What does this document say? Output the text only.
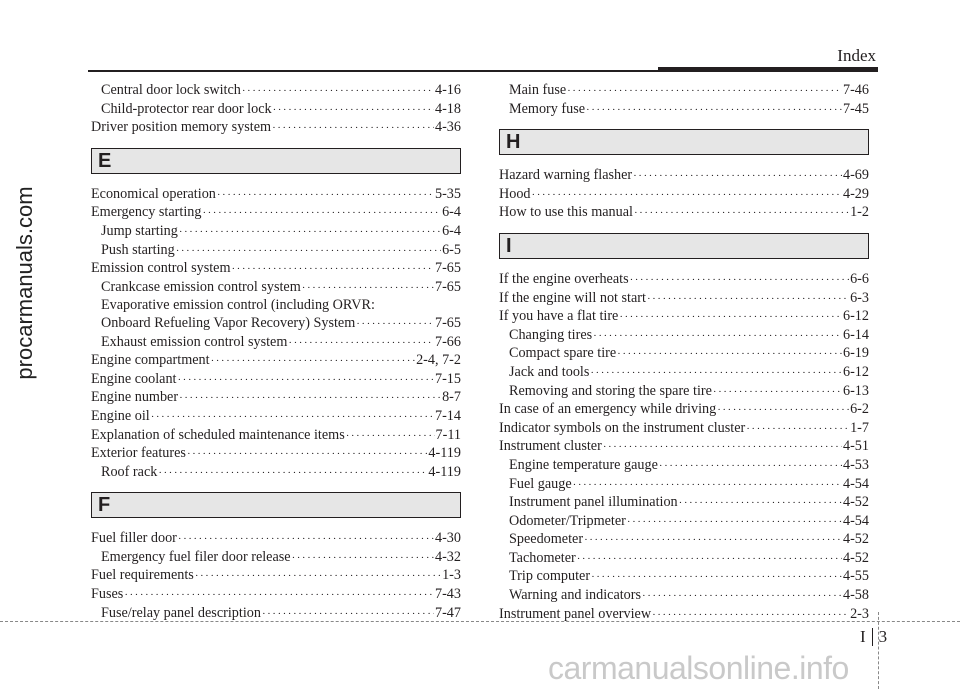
Index
procarmanuals.com
Central door lock switch ·····	4-16
Child-protector rear door lock ·····	4-18
Driver position memory system ·····	4-36
E
Economical operation ·····	5-35
Emergency starting ·····	6-4
Jump starting ·····	6-4
Push starting ·····	6-5
Emission control system ·····	7-65
Crankcase emission control system ·····	7-65
Evaporative emission control (including ORVR:
Onboard Refueling Vapor Recovery) System ·····	7-65
Exhaust emission control system ·····	7-66
Engine compartment ·····	2-4, 7-2
Engine coolant ·····	7-15
Engine number ·····	8-7
Engine oil ·····	7-14
Explanation of scheduled maintenance items ·····	7-11
Exterior features ·····	4-119
Roof rack ·····	4-119
F
Fuel filler door ·····	4-30
Emergency fuel filer door release ·····	4-32
Fuel requirements ·····	1-3
Fuses ·····	7-43
Fuse/relay panel description ·····	7-47
Main fuse ·····	7-46
Memory fuse ·····	7-45
H
Hazard warning flasher ·····	4-69
Hood ·····	4-29
How to use this manual ·····	1-2
I
If the engine overheats ·····	6-6
If the engine will not start ·····	6-3
If you have a flat tire ·····	6-12
Changing tires ·····	6-14
Compact spare tire ·····	6-19
Jack and tools ·····	6-12
Removing and storing the spare tire ·····	6-13
In case of an emergency while driving ·····	6-2
Indicator symbols on the instrument cluster ·····	1-7
Instrument cluster ·····	4-51
Engine temperature gauge ·····	4-53
Fuel gauge ·····	4-54
Instrument panel illumination ·····	4-52
Odometer/Tripmeter ·····	4-54
Speedometer ·····	4-52
Tachometer ·····	4-52
Trip computer ·····	4-55
Warning and indicators ·····	4-58
Instrument panel overview ·····	2-3
I 3
carmanualsonline.info
